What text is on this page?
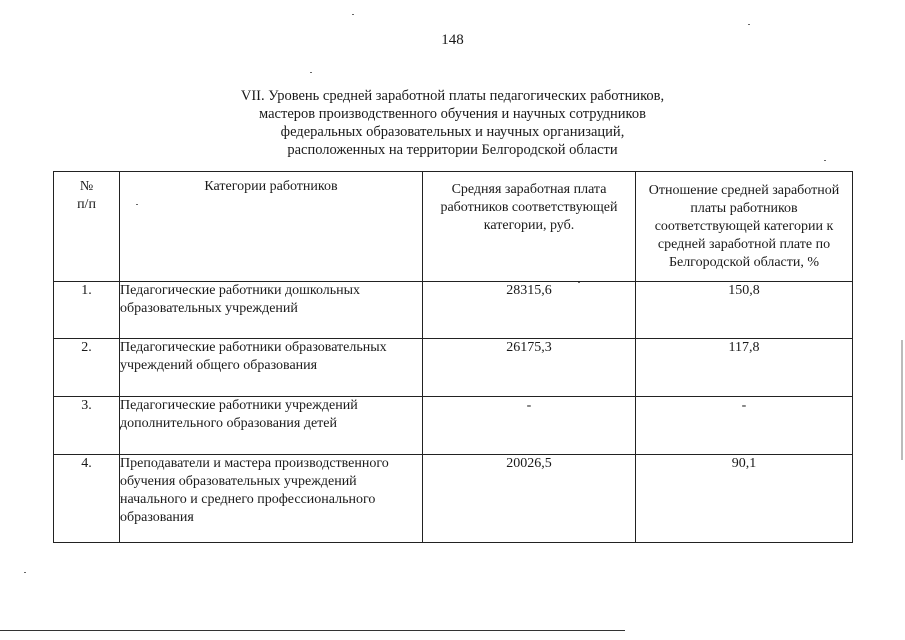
148
VII. Уровень средней заработной платы педагогических работников,
мастеров производственного обучения и научных сотрудников
федеральных образовательных и научных организаций,
расположенных на территории Белгородской области
№
п/п	Категории работников	Средняя заработная плата работников соответствующей категории, руб.	Отношение средней заработной платы работников соответствующей категории к средней заработной плате по Белгородской области, %
1.	Педагогические работники дошкольных образовательных учреждений	28315,6	150,8
2.	Педагогические работники образовательных учреждений общего образования	26175,3	117,8
3.	Педагогические работники учреждений дополнительного образования детей	-	-
4.	Преподаватели и мастера производственного обучения образовательных учреждений начального и среднего профессионального образования	20026,5	90,1
